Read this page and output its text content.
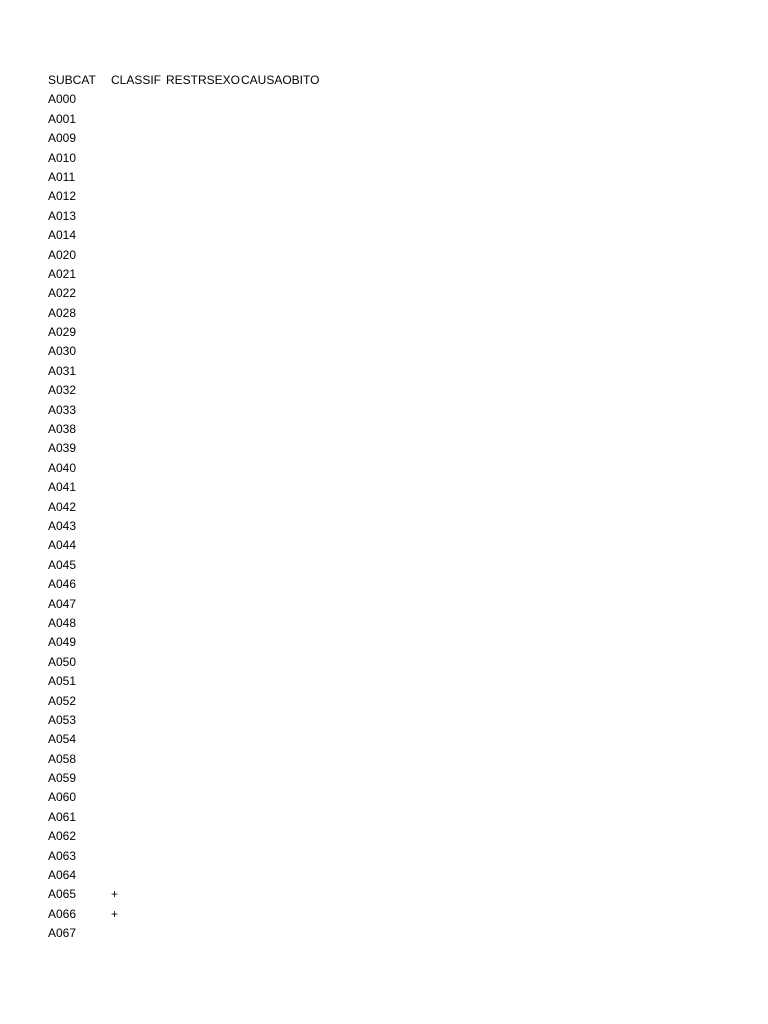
SUBCAT	CLASSIF RESTRSEXO CAUSAOBITO
A000
A001
A009
A010
A011
A012
A013
A014
A020
A021
A022
A028
A029
A030
A031
A032
A033
A038
A039
A040
A041
A042
A043
A044
A045
A046
A047
A048
A049
A050
A051
A052
A053
A054
A058
A059
A060
A061
A062
A063
A064
A065	+
A066	+
A067
